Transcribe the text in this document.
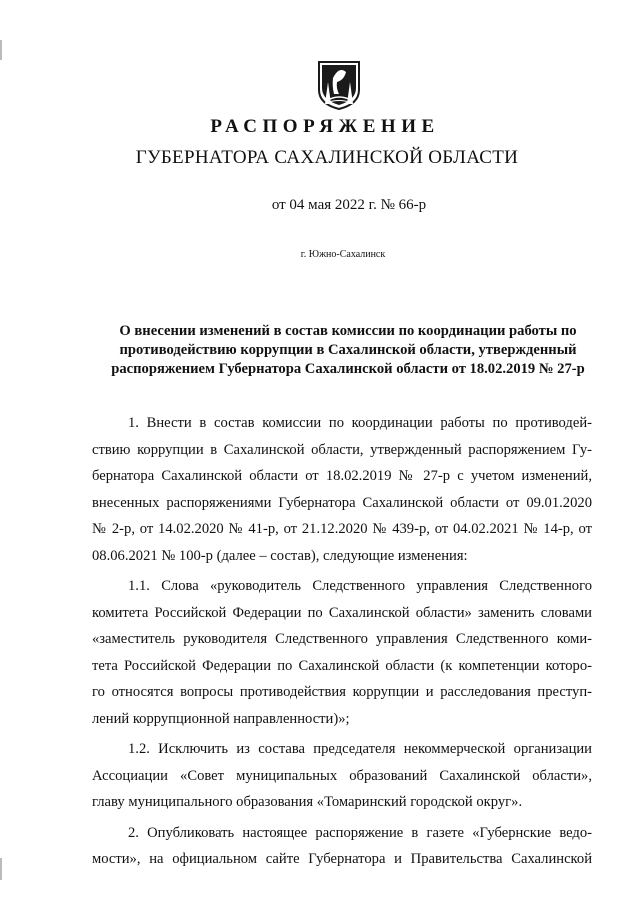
РАСПОРЯЖЕНИЕ
ГУБЕРНАТОРА САХАЛИНСКОЙ ОБЛАСТИ
от 04 мая 2022 г. № 66-р
г. Южно-Сахалинск
О внесении изменений в состав комиссии по координации работы по
противодействию коррупции в Сахалинской области, утвержденный
распоряжением Губернатора Сахалинской области от 18.02.2019 № 27-р
1. Внести в состав комиссии по координации работы по противодей-
ствию коррупции в Сахалинской области, утвержденный распоряжением Гу-
бернатора Сахалинской области от 18.02.2019 № 27-р с учетом изменений,
внесенных распоряжениями Губернатора Сахалинской области от 09.01.2020
№ 2-р, от 14.02.2020 № 41-р, от 21.12.2020 № 439-р, от 04.02.2021 № 14-р, от
08.06.2021 № 100-р (далее – состав), следующие изменения:
1.1. Слова «руководитель Следственного управления Следственного
комитета Российской Федерации по Сахалинской области» заменить словами
«заместитель руководителя Следственного управления Следственного коми-
тета Российской Федерации по Сахалинской области (к компетенции которо-
го относятся вопросы противодействия коррупции и расследования преступ-
лений коррупционной направленности)»;
1.2. Исключить из состава председателя некоммерческой организации
Ассоциации «Совет муниципальных образований Сахалинской области»,
главу муниципального образования «Томаринский городской округ».
2. Опубликовать настоящее распоряжение в газете «Губернские ведо-
мости», на официальном сайте Губернатора и Правительства Сахалинской
